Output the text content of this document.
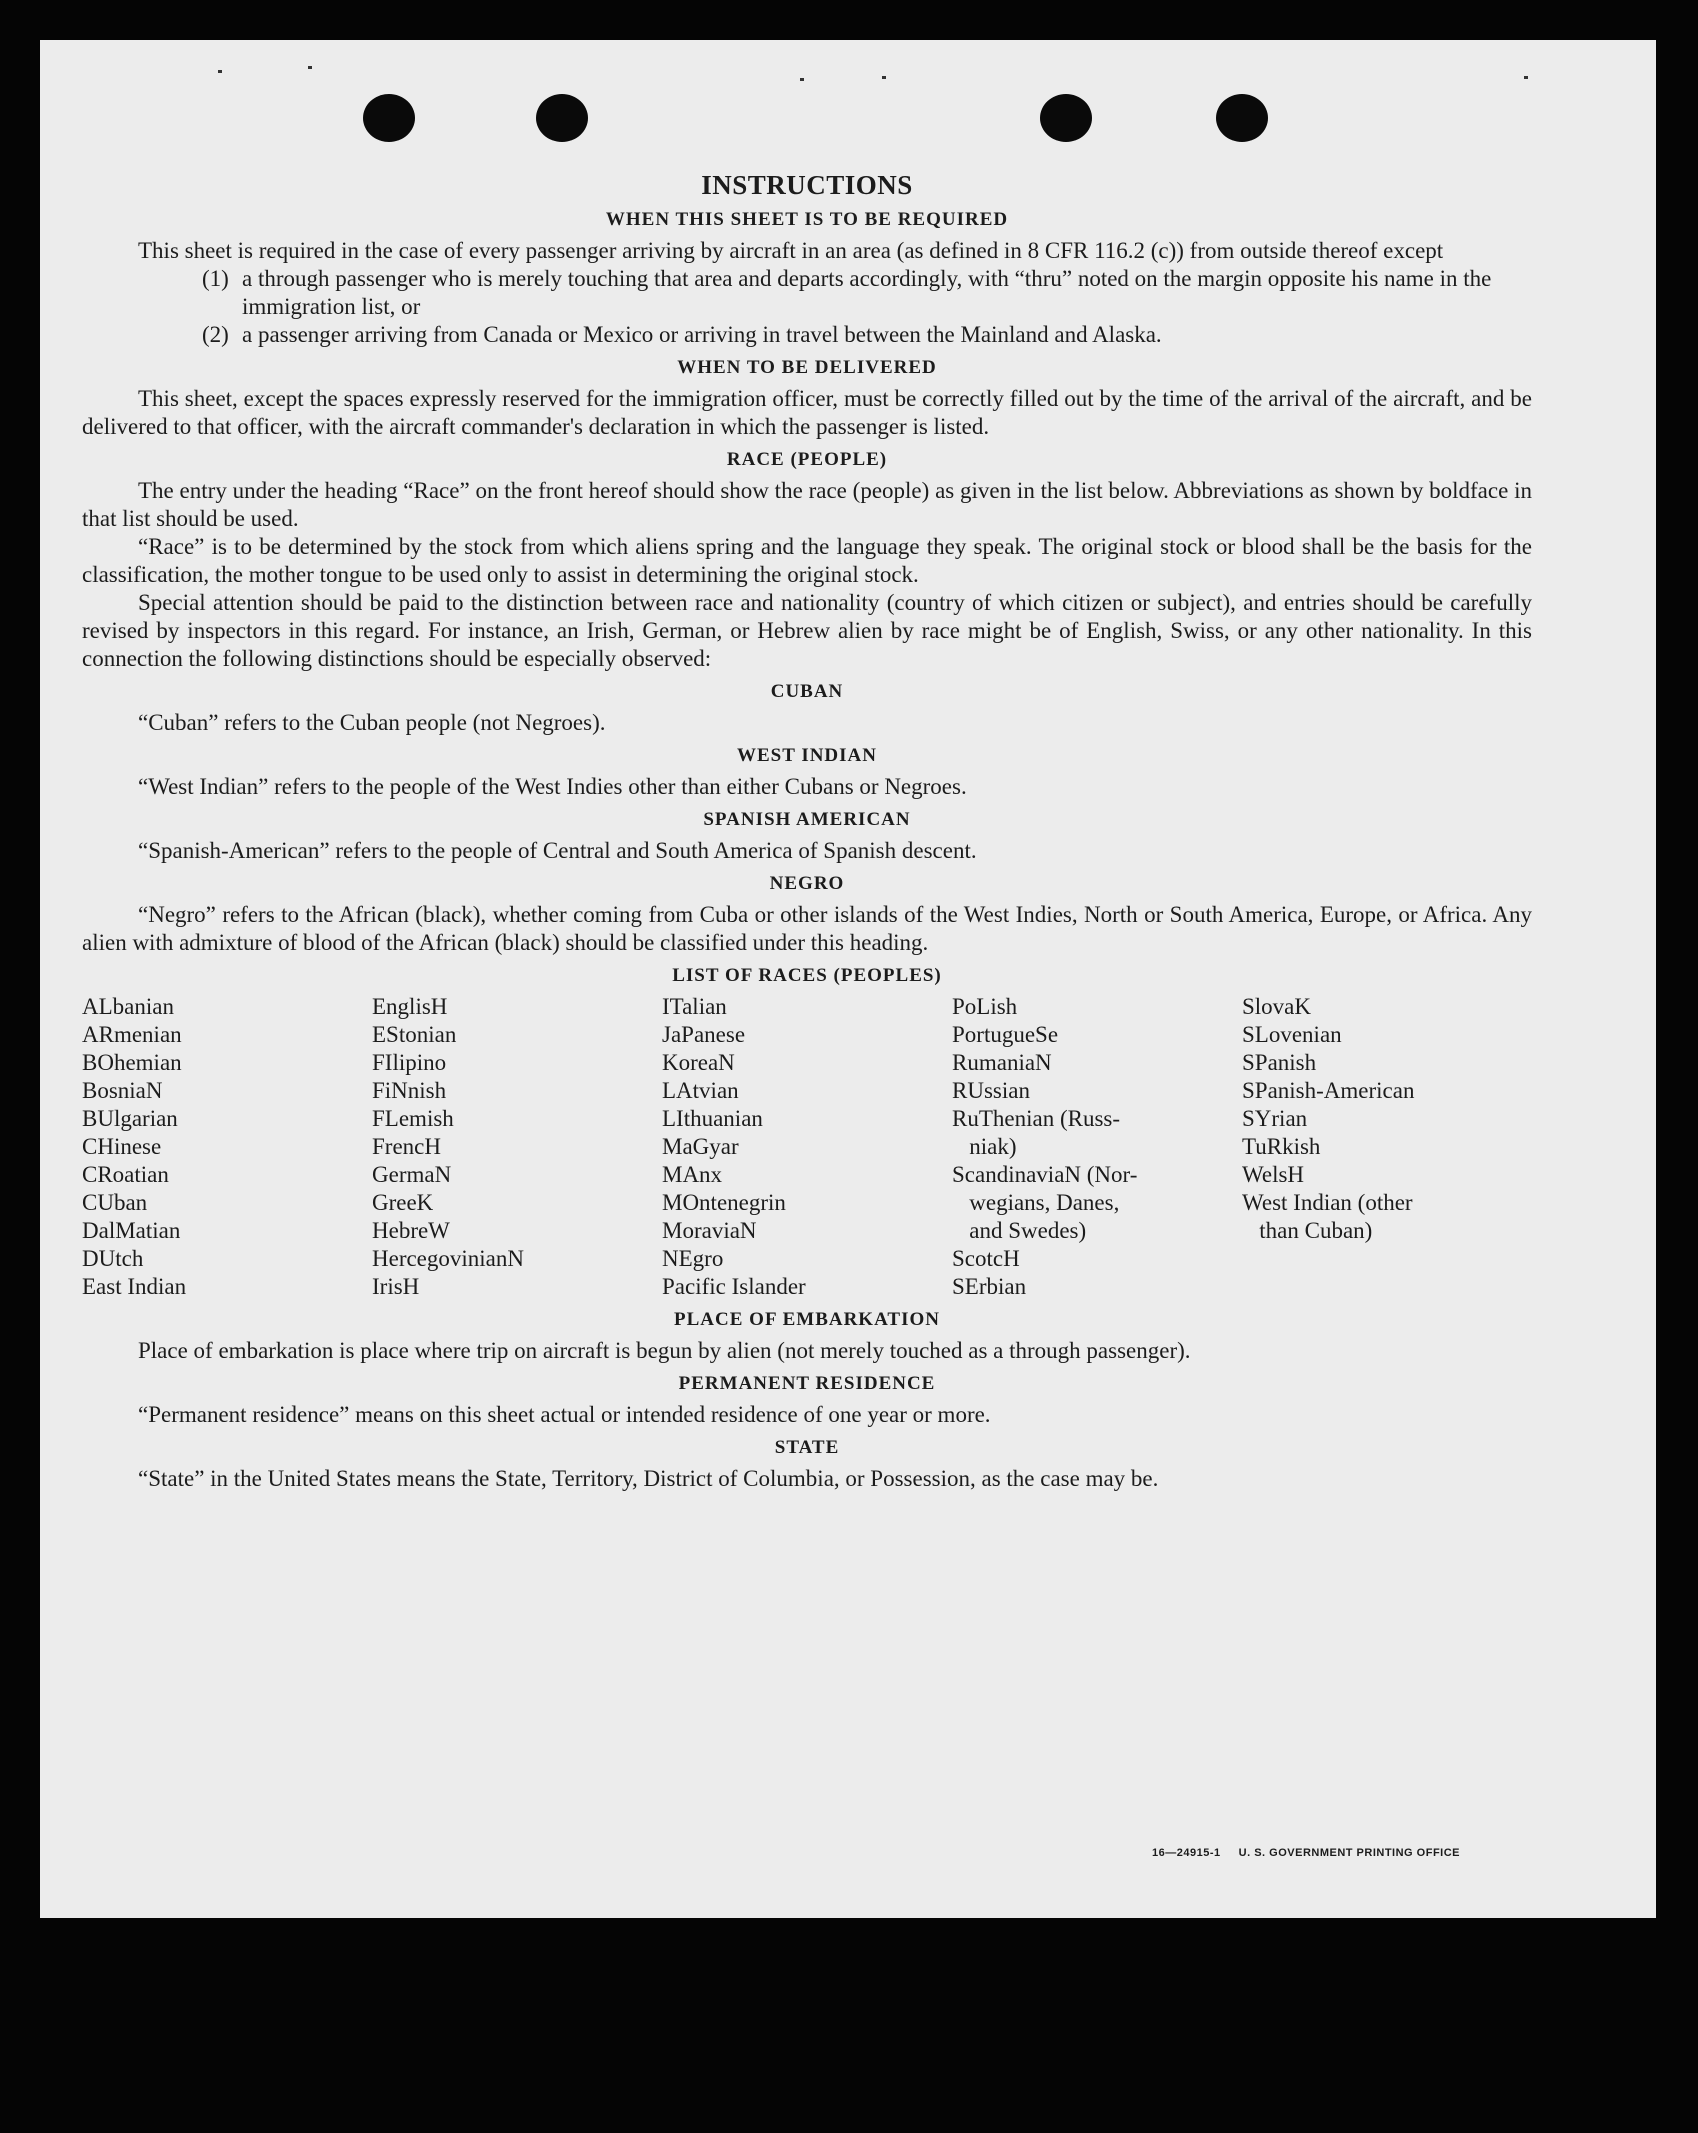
INSTRUCTIONS
WHEN THIS SHEET IS TO BE REQUIRED

This sheet is required in the case of every passenger arriving by aircraft in an area (as defined in 8 CFR 116.2 (c)) from outside thereof except

(1) a through passenger who is merely touching that area and departs accordingly, with “thru” noted on the margin opposite his name in the immigration list, or
(2) a passenger arriving from Canada or Mexico or arriving in travel between the Mainland and Alaska.
WHEN TO BE DELIVERED

This sheet, except the spaces expressly reserved for the immigration officer, must be correctly filled out by the time of the arrival of the aircraft, and be delivered to that officer, with the aircraft commander's declaration in which the passenger is listed.

RACE (PEOPLE)

The entry under the heading “Race” on the front hereof should show the race (people) as given in the list below. Abbreviations as shown by boldface in that list should be used.

“Race” is to be determined by the stock from which aliens spring and the language they speak. The original stock or blood shall be the basis for the classification, the mother tongue to be used only to assist in determining the original stock.

Special attention should be paid to the distinction between race and nationality (country of which citizen or subject), and entries should be carefully revised by inspectors in this regard. For instance, an Irish, German, or Hebrew alien by race might be of English, Swiss, or any other nationality. In this connection the following distinctions should be especially observed:

CUBAN

“Cuban” refers to the Cuban people (not Negroes).

WEST INDIAN

“West Indian” refers to the people of the West Indies other than either Cubans or Negroes.

SPANISH AMERICAN

“Spanish-American” refers to the people of Central and South America of Spanish descent.

NEGRO

“Negro” refers to the African (black), whether coming from Cuba or other islands of the West Indies, North or South America, Europe, or Africa. Any alien with admixture of blood of the African (black) should be classified under this heading.

LIST OF RACES (PEOPLES)
ALbanian
ARmenian
BOhemian
BosniaN
BUlgarian
CHinese
CRoatian
CUban
DalMatian
DUtch
East Indian
EnglisH
EStonian
FIlipino
FiNnish
FLemish
FrencH
GermaN
GreeK
HebreW
HercegovinianN
IrisH
ITalian
JaPanese
KoreaN
LAtvian
LIthuanian
MaGyar
MAnx
MOntenegrin
MoraviaN
NEgro
Pacific Islander
PoLish
PortugueSe
RumaniaN
RUssian
RuThenian (Russ-
niak)
ScandinaviaN (Nor-
wegians, Danes,
and Swedes)
ScotcH
SErbian
SlovaK
SLovenian
SPanish
SPanish-American
SYrian
TuRkish
WelsH
West Indian (other
than Cuban)
PLACE OF EMBARKATION

Place of embarkation is place where trip on aircraft is begun by alien (not merely touched as a through passenger).

PERMANENT RESIDENCE

“Permanent residence” means on this sheet actual or intended residence of one year or more.

STATE

“State” in the United States means the State, Territory, District of Columbia, or Possession, as the case may be.

16—24915-1 U. S. GOVERNMENT PRINTING OFFICE
